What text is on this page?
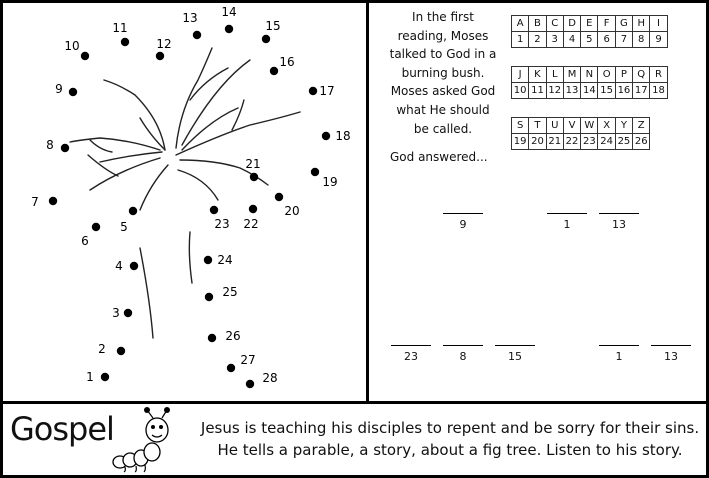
1
2
3
4
5
6
7
8
9
10
11
12
13 14
15
16
17
18
19
20
21
22
23
24
25
26
27
28
In the first
reading, Moses
talked to God in a
burning bush.
Moses asked God
what He should
be called.
God answered...
A	B	C	D	E	F	G	H	I
1	2	3	4	5	6	7	8	9
J	K	L	M	N	O	P	Q	R
10	11	12	13	14	15	16	17	18
S	T	U	V	W	X	Y	Z
19	20	21	22	23	24	25	26
9	1	13
23	8	15	1	13
Gospel	Jesus is teaching his disciples to repent and be sorry for their sins.
He tells a parable, a story, about a fig tree. Listen to his story.
